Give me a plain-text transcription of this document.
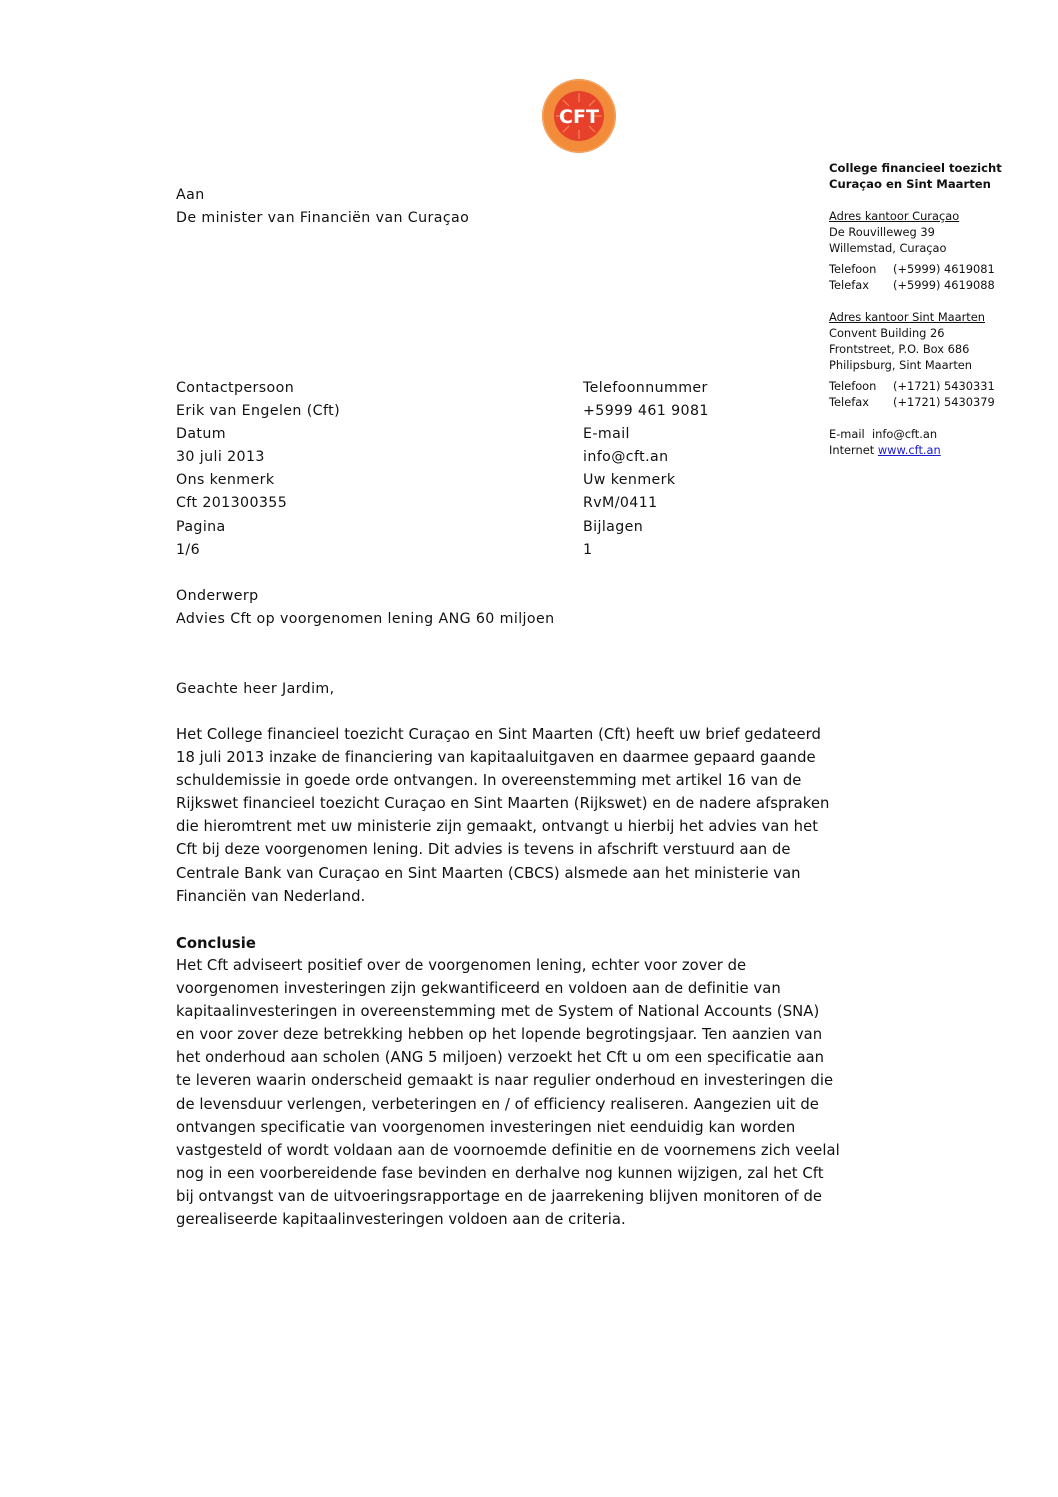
CFT
College financieel toezicht
Curaçao en Sint Maarten
Adres kantoor Curaçao
De Rouvilleweg 39
Willemstad, Curaçao
Telefoon	(+5999) 4619081
Telefax	(+5999) 4619088
Adres kantoor Sint Maarten
Convent Building 26
Frontstreet, P.O. Box 686
Philipsburg, Sint Maarten
Telefoon	(+1721) 5430331
Telefax	(+1721) 5430379
E-mail info@cft.an
Internet www.cft.an
Aan
De minister van Financiën van Curaçao
Contactpersoon	Telefoonnummer
Erik van Engelen (Cft)	+5999 461 9081
Datum	E-mail
30 juli 2013	info@cft.an
Ons kenmerk	Uw kenmerk
Cft 201300355	RvM/0411
Pagina	Bijlagen
1/6	1
Onderwerp
Advies Cft op voorgenomen lening ANG 60 miljoen
Geachte heer Jardim,
Het College financieel toezicht Curaçao en Sint Maarten (Cft) heeft uw brief gedateerd
18 juli 2013 inzake de financiering van kapitaaluitgaven en daarmee gepaard gaande
schuldemissie in goede orde ontvangen. In overeenstemming met artikel 16 van de
Rijkswet financieel toezicht Curaçao en Sint Maarten (Rijkswet) en de nadere afspraken
die hieromtrent met uw ministerie zijn gemaakt, ontvangt u hierbij het advies van het
Cft bij deze voorgenomen lening. Dit advies is tevens in afschrift verstuurd aan de
Centrale Bank van Curaçao en Sint Maarten (CBCS) alsmede aan het ministerie van
Financiën van Nederland.
Conclusie
Het Cft adviseert positief over de voorgenomen lening, echter voor zover de
voorgenomen investeringen zijn gekwantificeerd en voldoen aan de definitie van
kapitaalinvesteringen in overeenstemming met de System of National Accounts (SNA)
en voor zover deze betrekking hebben op het lopende begrotingsjaar. Ten aanzien van
het onderhoud aan scholen (ANG 5 miljoen) verzoekt het Cft u om een specificatie aan
te leveren waarin onderscheid gemaakt is naar regulier onderhoud en investeringen die
de levensduur verlengen, verbeteringen en / of efficiency realiseren. Aangezien uit de
ontvangen specificatie van voorgenomen investeringen niet eenduidig kan worden
vastgesteld of wordt voldaan aan de voornoemde definitie en de voornemens zich veelal
nog in een voorbereidende fase bevinden en derhalve nog kunnen wijzigen, zal het Cft
bij ontvangst van de uitvoeringsrapportage en de jaarrekening blijven monitoren of de
gerealiseerde kapitaalinvesteringen voldoen aan de criteria.
